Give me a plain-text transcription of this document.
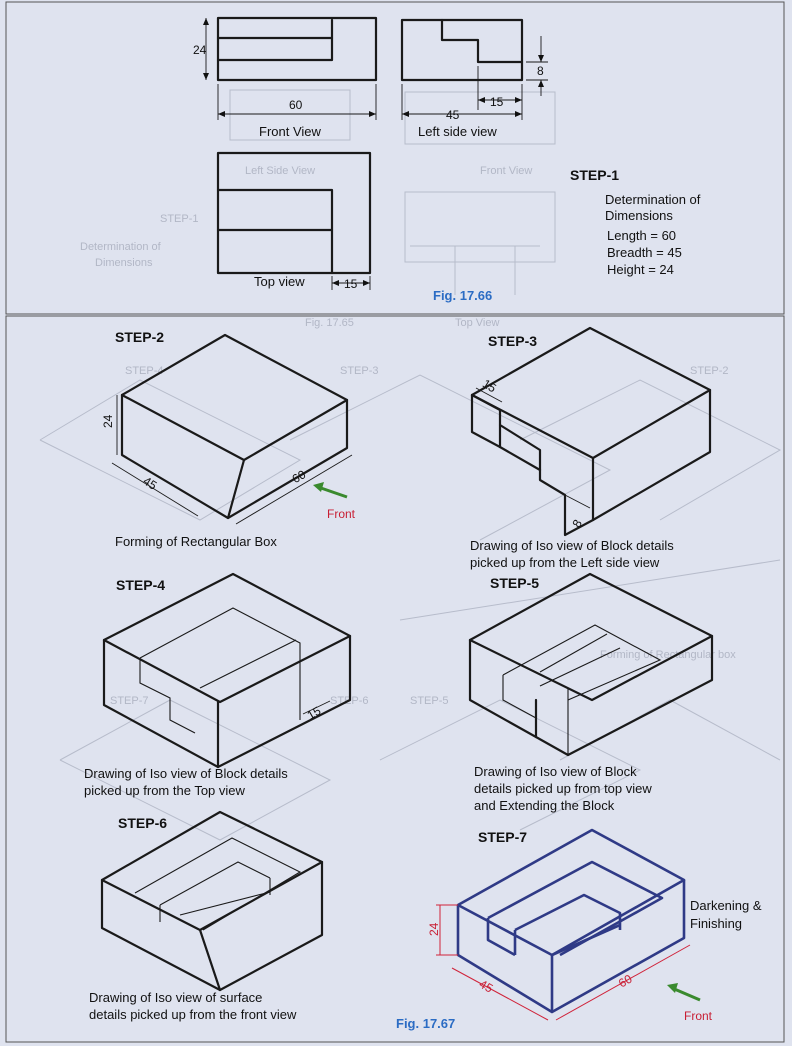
Left Side View	Front View
STEP-1
Determination of
Dimensions
Fig. 17.65	Top View
STEP-4	STEP-3	STEP-2
STEP-7	STEP-6	STEP-5
Forming of Rectangular box
24
60
Front View
45
15
8
Left side view
15
Top view
STEP-1
Determination of
Dimensions
Length = 60
Breadth = 45
Height = 24
Fig. 17.66
STEP-2
24
45	60
Front
Forming of Rectangular Box
STEP-3
15
8
Drawing of Iso view of Block details
picked up from the Left side view
STEP-4
15
Drawing of Iso view of Block details
picked up from the Top view
STEP-5
Drawing of Iso view of Block
details picked up from top view
and Extending the Block
STEP-6
Drawing of Iso view of surface
details picked up from the front view
STEP-7
24
45	60
Front
Darkening &
Finishing
Fig. 17.67
